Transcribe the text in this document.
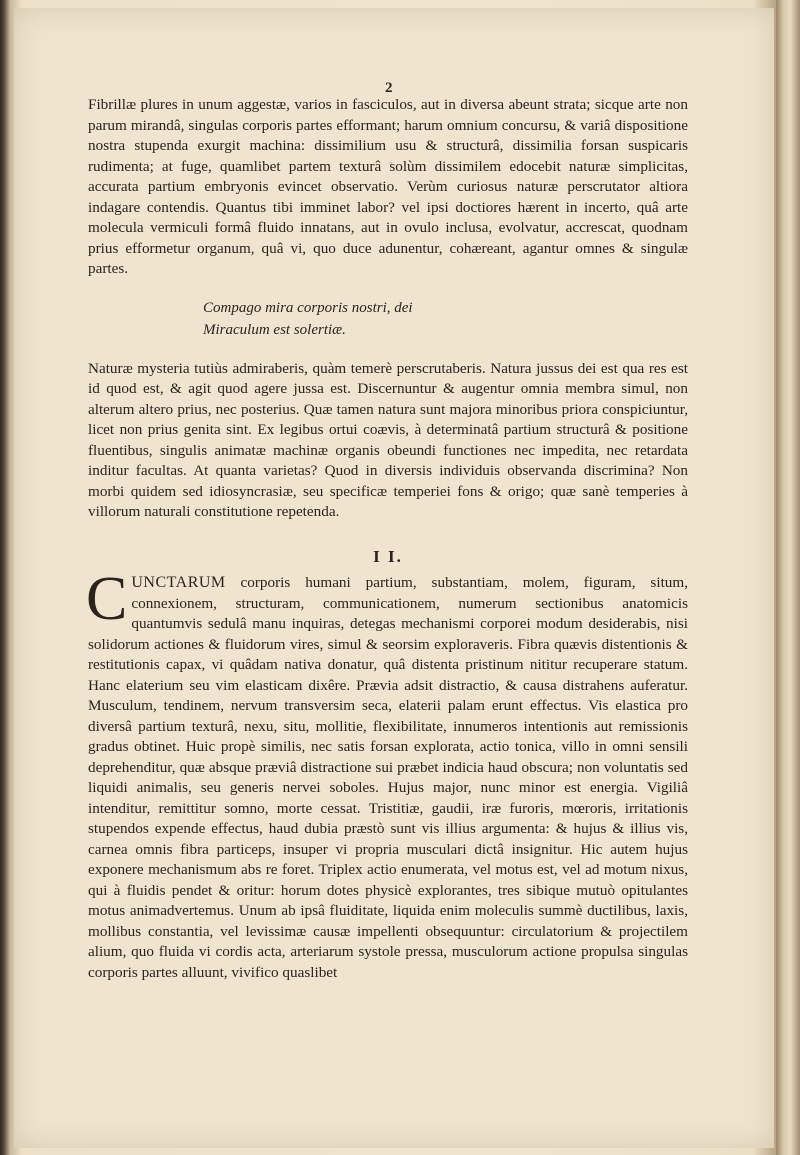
2

Fibrillæ plures in unum aggestæ, varios in fasciculos, aut in diversa abeunt strata; sicque arte non parum mirandâ, singulas corporis partes efformant; harum omnium concursu, & variâ dispositione nostra stupenda exurgit machina: dissimilium usu & structurâ, dissimilia forsan suspicaris rudimenta; at fuge, quamlibet partem texturâ solùm dissimilem edocebit naturæ simplicitas, accurata partium embryonis evincet observatio. Verùm curiosus naturæ perscrutator altiora indagare contendis. Quantus tibi imminet labor? vel ipsi doctiores hærent in incerto, quâ arte molecula vermiculi formâ fluido innatans, aut in ovulo inclusa, evolvatur, accrescat, quodnam prius efformetur organum, quâ vi, quo duce adunentur, cohæreant, agantur omnes & singulæ partes.

Compago mira corporis nostri, dei
Miraculum est solertiæ.

Naturæ mysteria tutiùs admiraberis, quàm temerè perscrutaberis. Natura jussus dei est qua res est id quod est, & agit quod agere jussa est. Discernuntur & augentur omnia membra simul, non alterum altero prius, nec posterius. Quæ tamen natura sunt majora minoribus priora conspiciuntur, licet non prius genita sint. Ex legibus ortui coævis, à determinatâ partium structurâ & positione fluentibus, singulis animatæ machinæ organis obeundi functiones nec impedita, nec retardata inditur facultas. At quanta varietas? Quod in diversis individuis observanda discrimina? Non morbi quidem sed idiosyncrasiæ, seu specificæ temperiei fons & origo; quæ sanè temperies à villorum naturali constitutione repetenda.

I I.

CUNCTARUM corporis humani partium, substantiam, molem, figuram, situm, connexionem, structuram, communicationem, numerum sectionibus anatomicis quantumvis sedulâ manu inquiras, detegas mechanismi corporei modum desiderabis, nisi solidorum actiones & fluidorum vires, simul & seorsim exploraveris. Fibra quævis distentionis & restitutionis capax, vi quâdam nativa donatur, quâ distenta pristinum nititur recuperare statum. Hanc elaterium seu vim elasticam dixêre. Prævia adsit distractio, & causa distrahens auferatur. Musculum, tendinem, nervum transversim seca, elaterii palam erunt effectus. Vis elastica pro diversâ partium texturâ, nexu, situ, mollitie, flexibilitate, innumeros intentionis aut remissionis gradus obtinet. Huic propè similis, nec satis forsan explorata, actio tonica, villo in omni sensili deprehenditur, quæ absque præviâ distractione sui præbet indicia haud obscura; non voluntatis sed liquidi animalis, seu generis nervei soboles. Hujus major, nunc minor est energia. Vigiliâ intenditur, remittitur somno, morte cessat. Tristitiæ, gaudii, iræ furoris, mœroris, irritationis stupendos expende effectus, haud dubia præstò sunt vis illius argumenta: & hujus & illius vis, carnea omnis fibra particeps, insuper vi propria musculari dictâ insignitur. Hic autem hujus exponere mechanismum abs re foret. Triplex actio enumerata, vel motus est, vel ad motum nixus, qui à fluidis pendet & oritur: horum dotes physicè explorantes, tres sibique mutuò opitulantes motus animadvertemus. Unum ab ipsâ fluiditate, liquida enim moleculis summè ductilibus, laxis, mollibus constantia, vel levissimæ causæ impellenti obsequuntur: circulatorium & projectilem alium, quo fluida vi cordis acta, arteriarum systole pressa, musculorum actione propulsa singulas corporis partes alluunt, vivifico quaslibet
